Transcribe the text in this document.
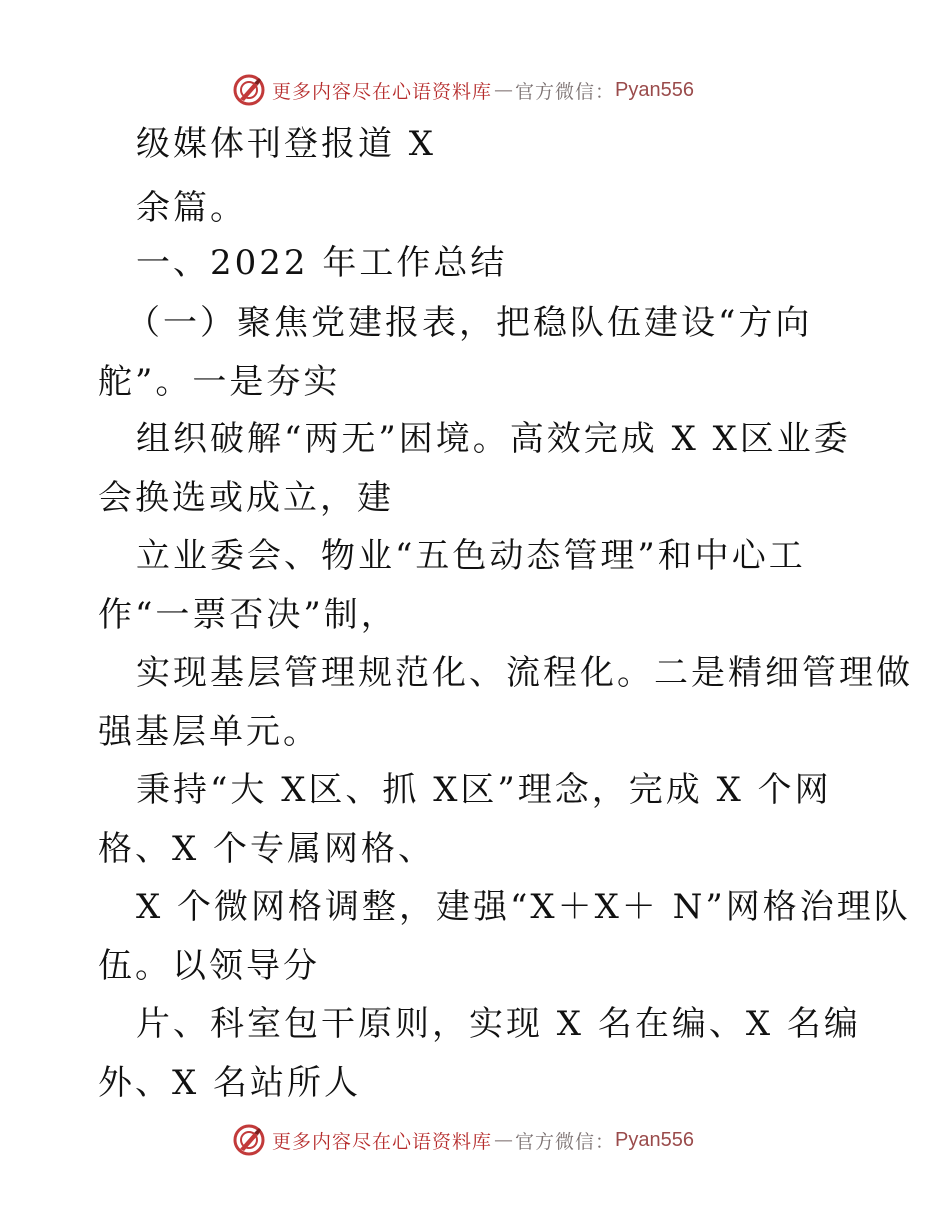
更多内容尽在心语资料库 — 官方微信： Pyan556
级媒体刊登报道 X
余篇。
一、2022 年工作总结
（一）聚焦党建报表，把稳队伍建设“方向
舵”。一是夯实
组织破解“两无”困境。高效完成 X X区业委
会换选或成立，建
立业委会、物业“五色动态管理”和中心工
作“一票否决”制，
实现基层管理规范化、流程化。二是精细管理做
强基层单元。
秉持“大 X区、抓 X区”理念，完成 X 个网
格、X 个专属网格、
X 个微网格调整，建强“X＋X＋ N”网格治理队
伍。以领导分
片、科室包干原则，实现 X 名在编、X 名编
外、X 名站所人
更多内容尽在心语资料库 — 官方微信： Pyan556
